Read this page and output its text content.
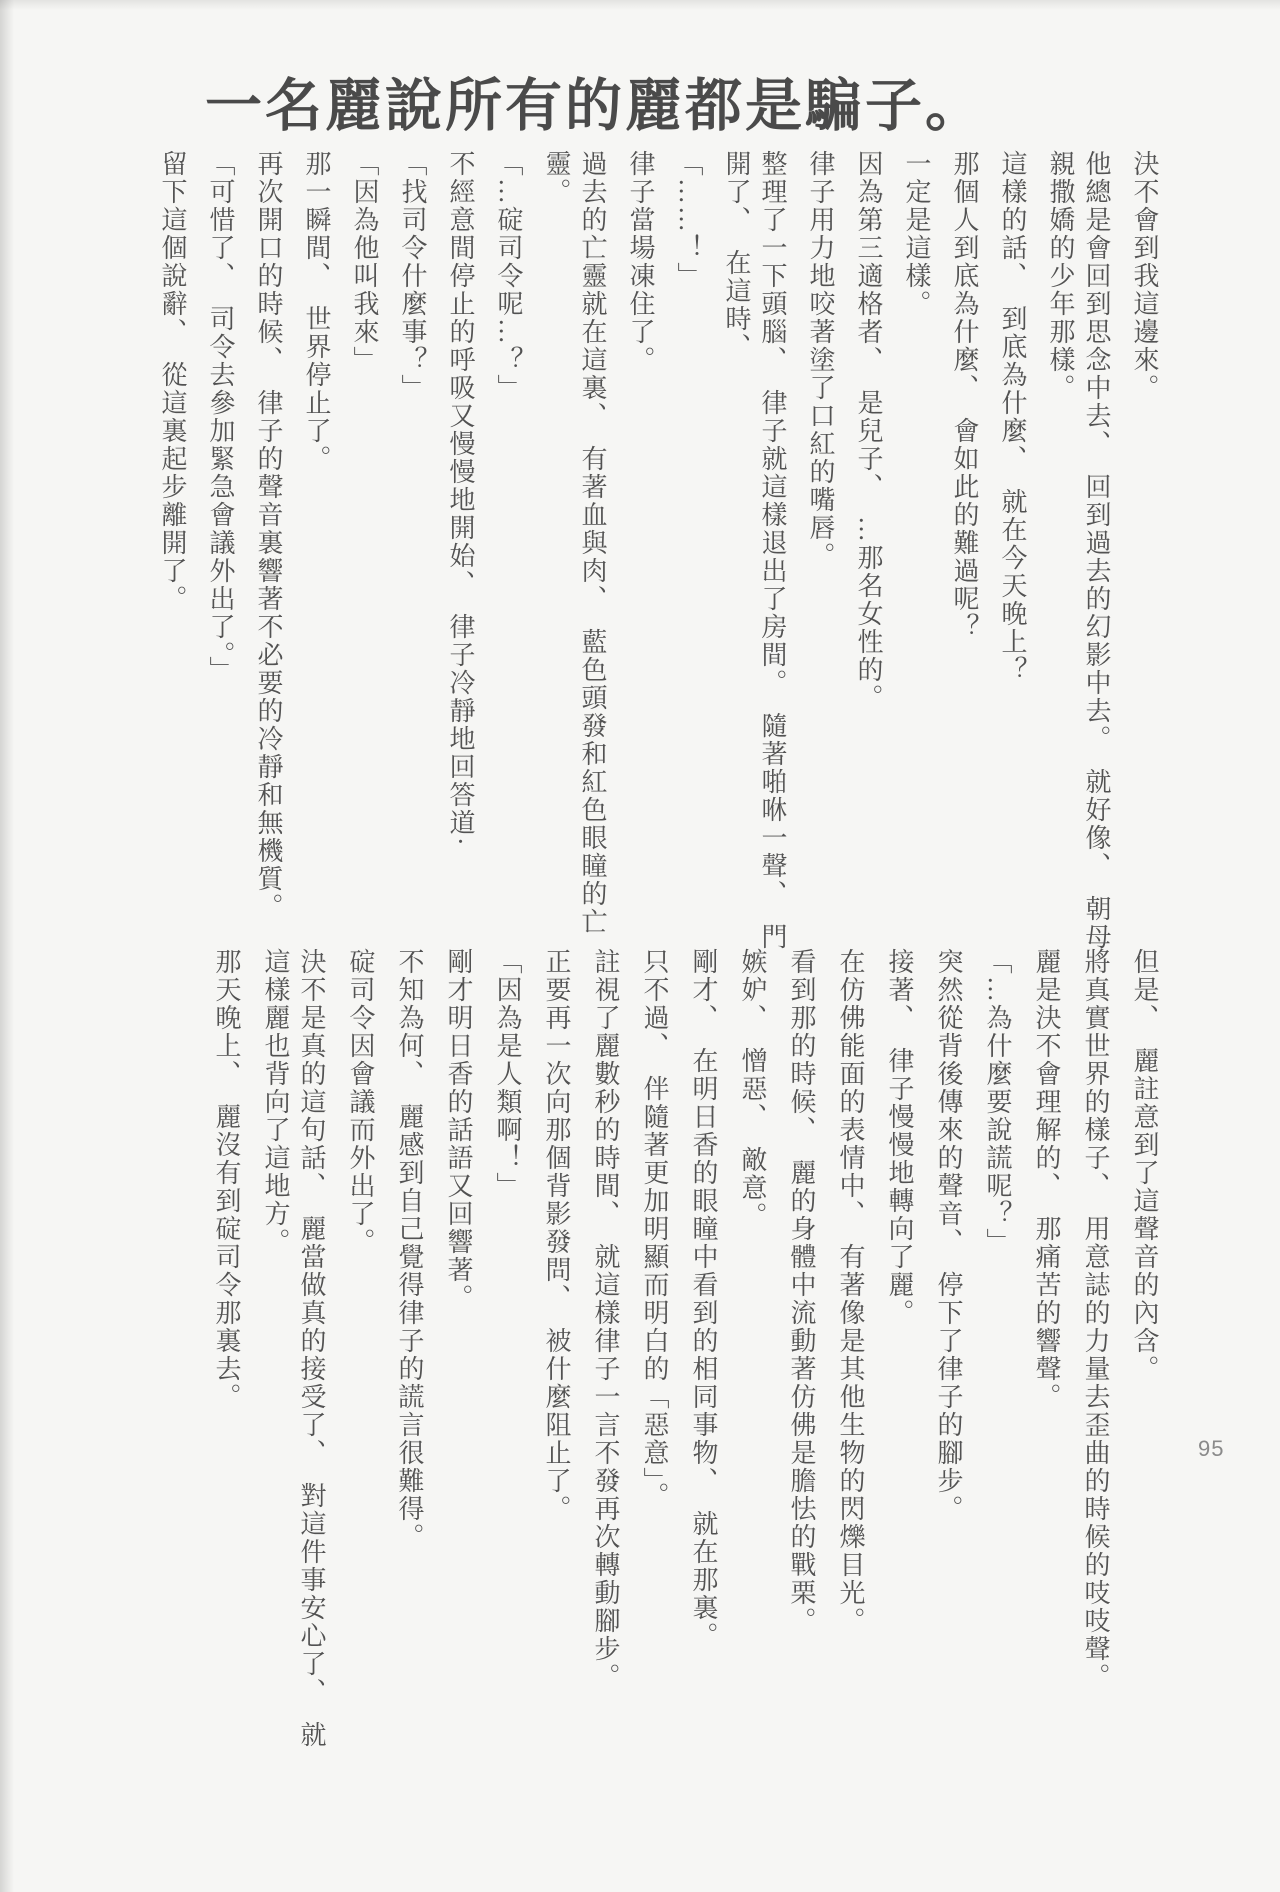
一名麗說所有的麗都是騙子。

決不會到我這邊來。

他總是會回到思念中去、　回到過去的幻影中去。　就好像、　朝母親撒嬌的少年那樣。

這樣的話、　到底為什麼、　就在今天晚上？

那個人到底為什麼、　會如此的難過呢？

一定是這樣。

因為第三適格者、　是兒子、　…那名女性的。

律子用力地咬著塗了口紅的嘴唇。

整理了一下頭腦、　律子就這樣退出了房間。　隨著啪咻一聲、　門開了、　在這時、

「……！」

律子當場凍住了。

過去的亡靈就在這裏、　有著血與肉、　藍色頭發和紅色眼瞳的亡靈。

「…碇司令呢…？」

不經意間停止的呼吸又慢慢地開始、　律子冷靜地回答道·

「找司令什麼事？」

「因為他叫我來」

那一瞬間、　世界停止了。

再次開口的時候、　律子的聲音裏響著不必要的冷靜和無機質。

「可惜了、　司令去參加緊急會議外出了。」

留下這個說辭、　從這裏起步離開了。

但是、　麗註意到了這聲音的內含。

將真實世界的樣子、　用意誌的力量去歪曲的時候的吱吱聲。

麗是決不會理解的、　那痛苦的響聲。

「…為什麼要說謊呢？」

突然從背後傳來的聲音、　停下了律子的腳步。

接著、　律子慢慢地轉向了麗。

在仿佛能面的表情中、　有著像是其他生物的閃爍目光。

看到那的時候、　麗的身體中流動著仿佛是膽怯的戰栗。

嫉妒、　憎惡、　敵意。

剛才、　在明日香的眼瞳中看到的相同事物、　就在那裏。

只不過、　伴隨著更加明顯而明白的「惡意」。

註視了麗數秒的時間、　就這樣律子一言不發再次轉動腳步。

正要再一次向那個背影發問、　被什麼阻止了。

「因為是人類啊！」

剛才明日香的話語又回響著。

不知為何、　麗感到自己覺得律子的謊言很難得。

碇司令因會議而外出了。

決不是真的這句話、　麗當做真的接受了、　對這件事安心了、　就這樣麗也背向了這地方。

那天晚上、　麗沒有到碇司令那裏去。

95
